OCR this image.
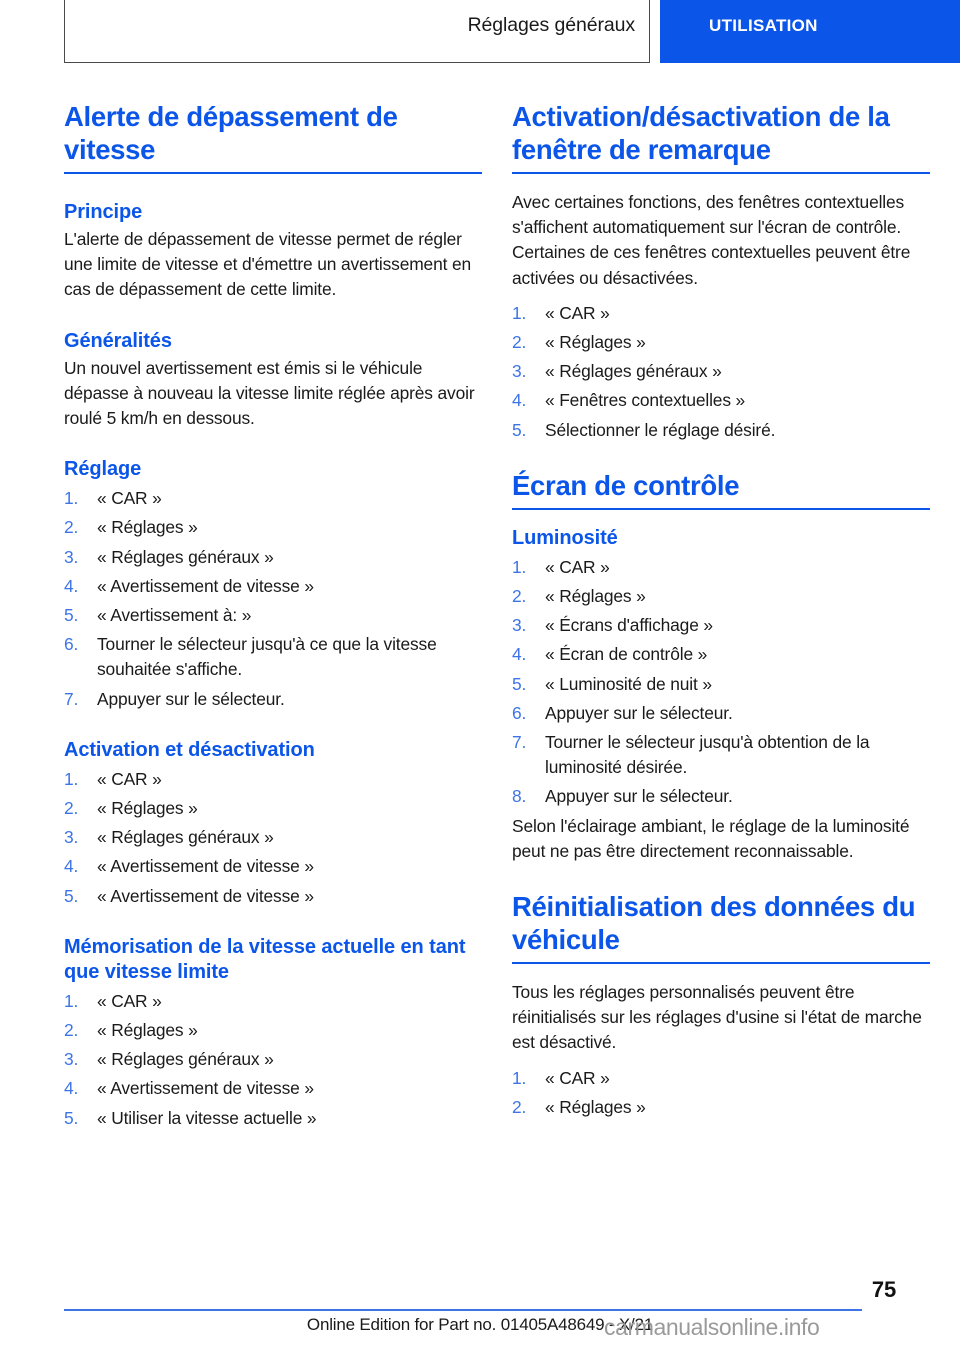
Réglages généraux	UTILISATION
Alerte de dépassement de vitesse
Principe

L'alerte de dépassement de vitesse permet de régler une limite de vitesse et d'émettre un avertissement en cas de dépassement de cette limite.

Généralités

Un nouvel avertissement est émis si le véhicule dépasse à nouveau la vitesse limite réglée après avoir roulé 5 km/h en dessous.

Réglage
« CAR »
« Réglages »
« Réglages généraux »
« Avertissement de vitesse »
« Avertissement à: »
Tourner le sélecteur jusqu'à ce que la vitesse souhaitée s'affiche.
Appuyer sur le sélecteur.
Activation et désactivation
« CAR »
« Réglages »
« Réglages généraux »
« Avertissement de vitesse »
« Avertissement de vitesse »
Mémorisation de la vitesse actuelle en tant que vitesse limite
« CAR »
« Réglages »
« Réglages généraux »
« Avertissement de vitesse »
« Utiliser la vitesse actuelle »
Activation/désactivation de la fenêtre de remarque

Avec certaines fonctions, des fenêtres contextuelles s'affichent automatiquement sur l'écran de contrôle. Certaines de ces fenêtres contextuelles peuvent être activées ou désactivées.

« CAR »
« Réglages »
« Réglages généraux »
« Fenêtres contextuelles »
Sélectionner le réglage désiré.
Écran de contrôle
Luminosité
« CAR »
« Réglages »
« Écrans d'affichage »
« Écran de contrôle »
« Luminosité de nuit »
Appuyer sur le sélecteur.
Tourner le sélecteur jusqu'à obtention de la luminosité désirée.
Appuyer sur le sélecteur.

Selon l'éclairage ambiant, le réglage de la luminosité peut ne pas être directement reconnaissable.

Réinitialisation des données du véhicule

Tous les réglages personnalisés peuvent être réinitialisés sur les réglages d'usine si l'état de marche est désactivé.

« CAR »
« Réglages »
75
Online Edition for Part no. 01405A48649 - X/21
carmanualsonline.info
